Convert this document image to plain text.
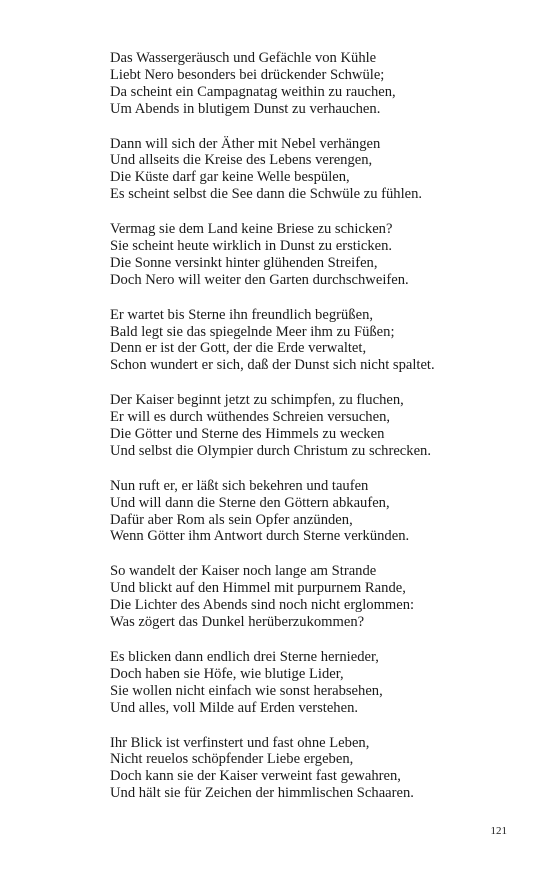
Das Wassergeräusch und Gefächle von Kühle
Liebt Nero besonders bei drückender Schwüle;
Da scheint ein Campagnatag weithin zu rauchen,
Um Abends in blutigem Dunst zu verhauchen.
Dann will sich der Äther mit Nebel verhängen
Und allseits die Kreise des Lebens verengen,
Die Küste darf gar keine Welle bespülen,
Es scheint selbst die See dann die Schwüle zu fühlen.
Vermag sie dem Land keine Briese zu schicken?
Sie scheint heute wirklich in Dunst zu ersticken.
Die Sonne versinkt hinter glühenden Streifen,
Doch Nero will weiter den Garten durchschweifen.
Er wartet bis Sterne ihn freundlich begrüßen,
Bald legt sie das spiegelnde Meer ihm zu Füßen;
Denn er ist der Gott, der die Erde verwaltet,
Schon wundert er sich, daß der Dunst sich nicht spaltet.
Der Kaiser beginnt jetzt zu schimpfen, zu fluchen,
Er will es durch wüthendes Schreien versuchen,
Die Götter und Sterne des Himmels zu wecken
Und selbst die Olympier durch Christum zu schrecken.
Nun ruft er, er läßt sich bekehren und taufen
Und will dann die Sterne den Göttern abkaufen,
Dafür aber Rom als sein Opfer anzünden,
Wenn Götter ihm Antwort durch Sterne verkünden.
So wandelt der Kaiser noch lange am Strande
Und blickt auf den Himmel mit purpurnem Rande,
Die Lichter des Abends sind noch nicht erglommen:
Was zögert das Dunkel herüberzukommen?
Es blicken dann endlich drei Sterne hernieder,
Doch haben sie Höfe, wie blutige Lider,
Sie wollen nicht einfach wie sonst herabsehen,
Und alles, voll Milde auf Erden verstehen.
Ihr Blick ist verfinstert und fast ohne Leben,
Nicht reuelos schöpfender Liebe ergeben,
Doch kann sie der Kaiser verweint fast gewahren,
Und hält sie für Zeichen der himmlischen Schaaren.
121
